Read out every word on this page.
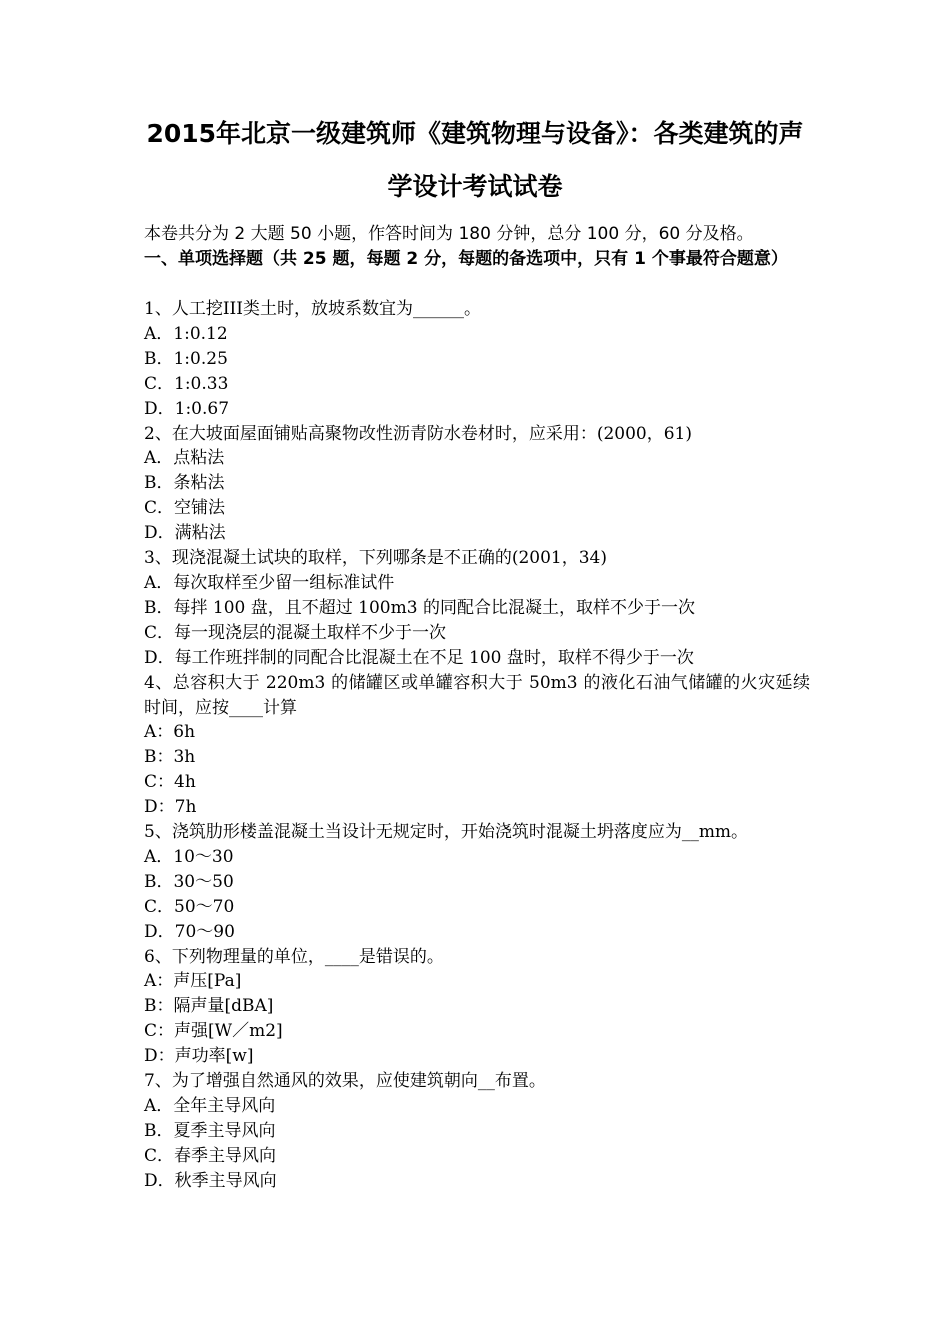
2015年北京一级建筑师《建筑物理与设备》：各类建筑的声
学设计考试试卷
本卷共分为 2 大题 50 小题，作答时间为 180 分钟，总分 100 分，60 分及格。
一、单项选择题（共 25 题，每题 2 分，每题的备选项中，只有 1 个事最符合题意）
1、人工挖III类土时，放坡系数宜为______。
A．1:0.12
B．1:0.25
C．1:0.33
D．1:0.67
2、在大坡面屋面铺贴高聚物改性沥青防水卷材时，应采用：(2000，61)
A．点粘法
B．条粘法
C．空铺法
D．满粘法
3、现浇混凝土试块的取样，下列哪条是不正确的(2001，34)
A．每次取样至少留一组标准试件
B．每拌 100 盘，且不超过 100m3 的同配合比混凝土，取样不少于一次
C．每一现浇层的混凝土取样不少于一次
D．每工作班拌制的同配合比混凝土在不足 100 盘时，取样不得少于一次
4、总容积大于 220m3 的储罐区或单罐容积大于 50m3 的液化石油气储罐的火灾延续时间，应按____计算
A：6h
B：3h
C：4h
D：7h
5、浇筑肋形楼盖混凝土当设计无规定时，开始浇筑时混凝土坍落度应为__mm。
A．10～30
B．30～50
C．50～70
D．70～90
6、下列物理量的单位，____是错误的。
A：声压[Pa]
B：隔声量[dBA]
C：声强[W／m2]
D：声功率[w]
7、为了增强自然通风的效果，应使建筑朝向__布置。
A．全年主导风向
B．夏季主导风向
C．春季主导风向
D．秋季主导风向
